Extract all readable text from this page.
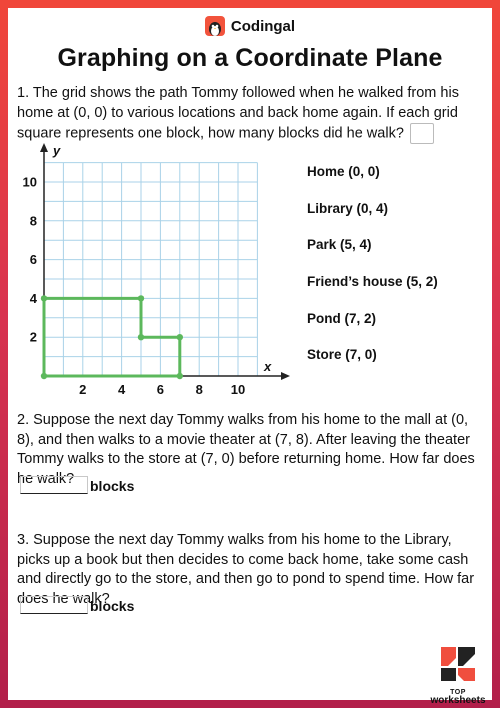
Codingal
Graphing on a Coordinate Plane
1. The grid shows the path Tommy followed when he walked from his home at (0, 0) to various locations and back home again. If each grid square represents one block, how many blocks did he walk?
y
x
10
8
6
4
2
2 4 6 8 10
Home (0, 0)
Library (0, 4)
Park (5, 4)
Friend’s house (5, 2)
Pond (7, 2)
Store (7, 0)
2. Suppose the next day Tommy walks from his home to the mall at (0, 8), and then walks to a movie theater at (7, 8). After leaving the theater Tommy walks to the store at (7, 0) before returning home. How far does he walk?	blocks
3. Suppose the next day Tommy walks from his home to the Library, picks up a book but then decides to come back home, take some cash and directly go to the store, and then go to pond to spend time. How far does he walk?
blocks
TOP
worksheets
